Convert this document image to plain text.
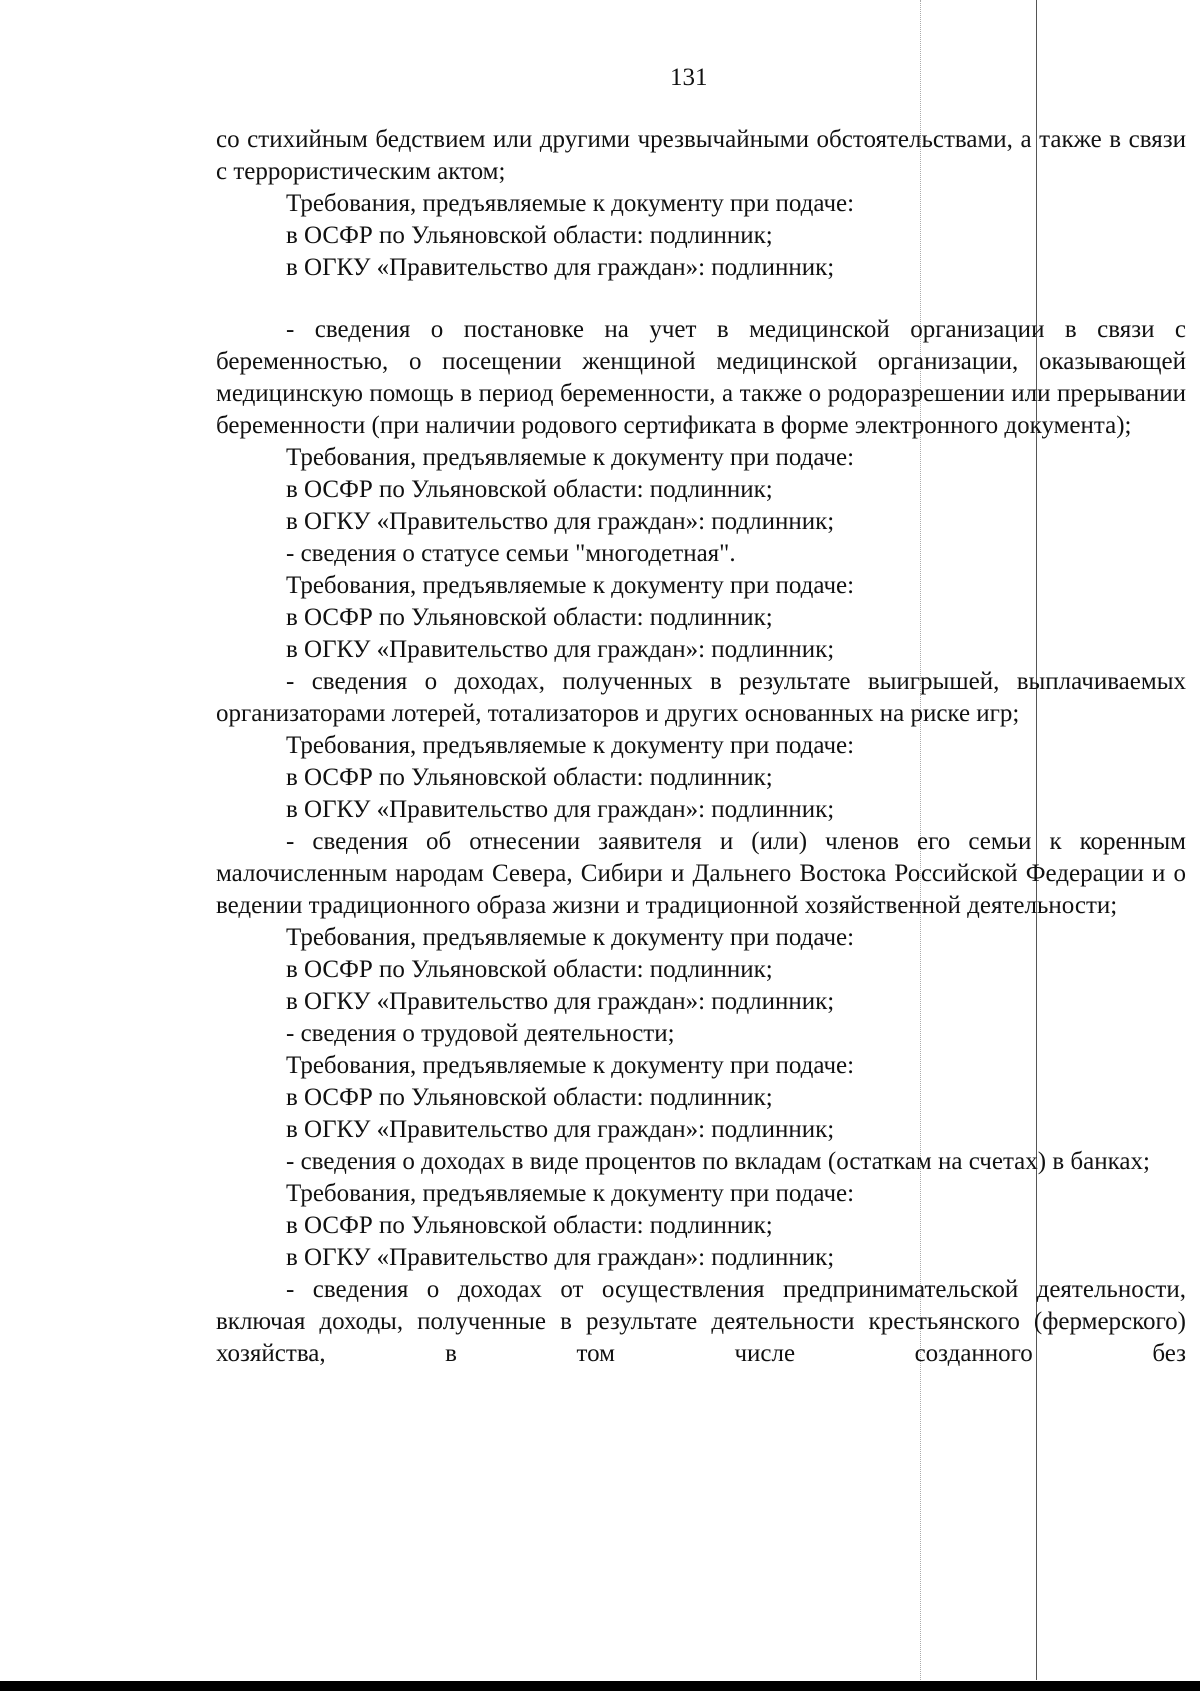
131

со стихийным бедствием или другими чрезвычайными обстоятельствами, а также в связи с террористическим актом;

Требования, предъявляемые к документу при подаче:

в ОСФР по Ульяновской области: подлинник;

в ОГКУ «Правительство для граждан»: подлинник;

- сведения о постановке на учет в медицинской организации в связи с беременностью, о посещении женщиной медицинской организации, оказывающей медицинскую помощь в период беременности, а также о родоразрешении или прерывании беременности (при наличии родового сертификата в форме электронного документа);

Требования, предъявляемые к документу при подаче:

в ОСФР по Ульяновской области: подлинник;

в ОГКУ «Правительство для граждан»: подлинник;

- сведения о статусе семьи "многодетная".

Требования, предъявляемые к документу при подаче:

в ОСФР по Ульяновской области: подлинник;

в ОГКУ «Правительство для граждан»: подлинник;

- сведения о доходах, полученных в результате выигрышей, выплачиваемых организаторами лотерей, тотализаторов и других основанных на риске игр;

Требования, предъявляемые к документу при подаче:

в ОСФР по Ульяновской области: подлинник;

в ОГКУ «Правительство для граждан»: подлинник;

- сведения об отнесении заявителя и (или) членов его семьи к коренным малочисленным народам Севера, Сибири и Дальнего Востока Российской Федерации и о ведении традиционного образа жизни и традиционной хозяйственной деятельности;

Требования, предъявляемые к документу при подаче:

в ОСФР по Ульяновской области: подлинник;

в ОГКУ «Правительство для граждан»: подлинник;

- сведения о трудовой деятельности;

Требования, предъявляемые к документу при подаче:

в ОСФР по Ульяновской области: подлинник;

в ОГКУ «Правительство для граждан»: подлинник;

- сведения о доходах в виде процентов по вкладам (остаткам на счетах) в банках;

Требования, предъявляемые к документу при подаче:

в ОСФР по Ульяновской области: подлинник;

в ОГКУ «Правительство для граждан»: подлинник;

- сведения о доходах от осуществления предпринимательской деятельности, включая доходы, полученные в результате деятельности крестьянского (фермерского) хозяйства, в том числе созданного без
